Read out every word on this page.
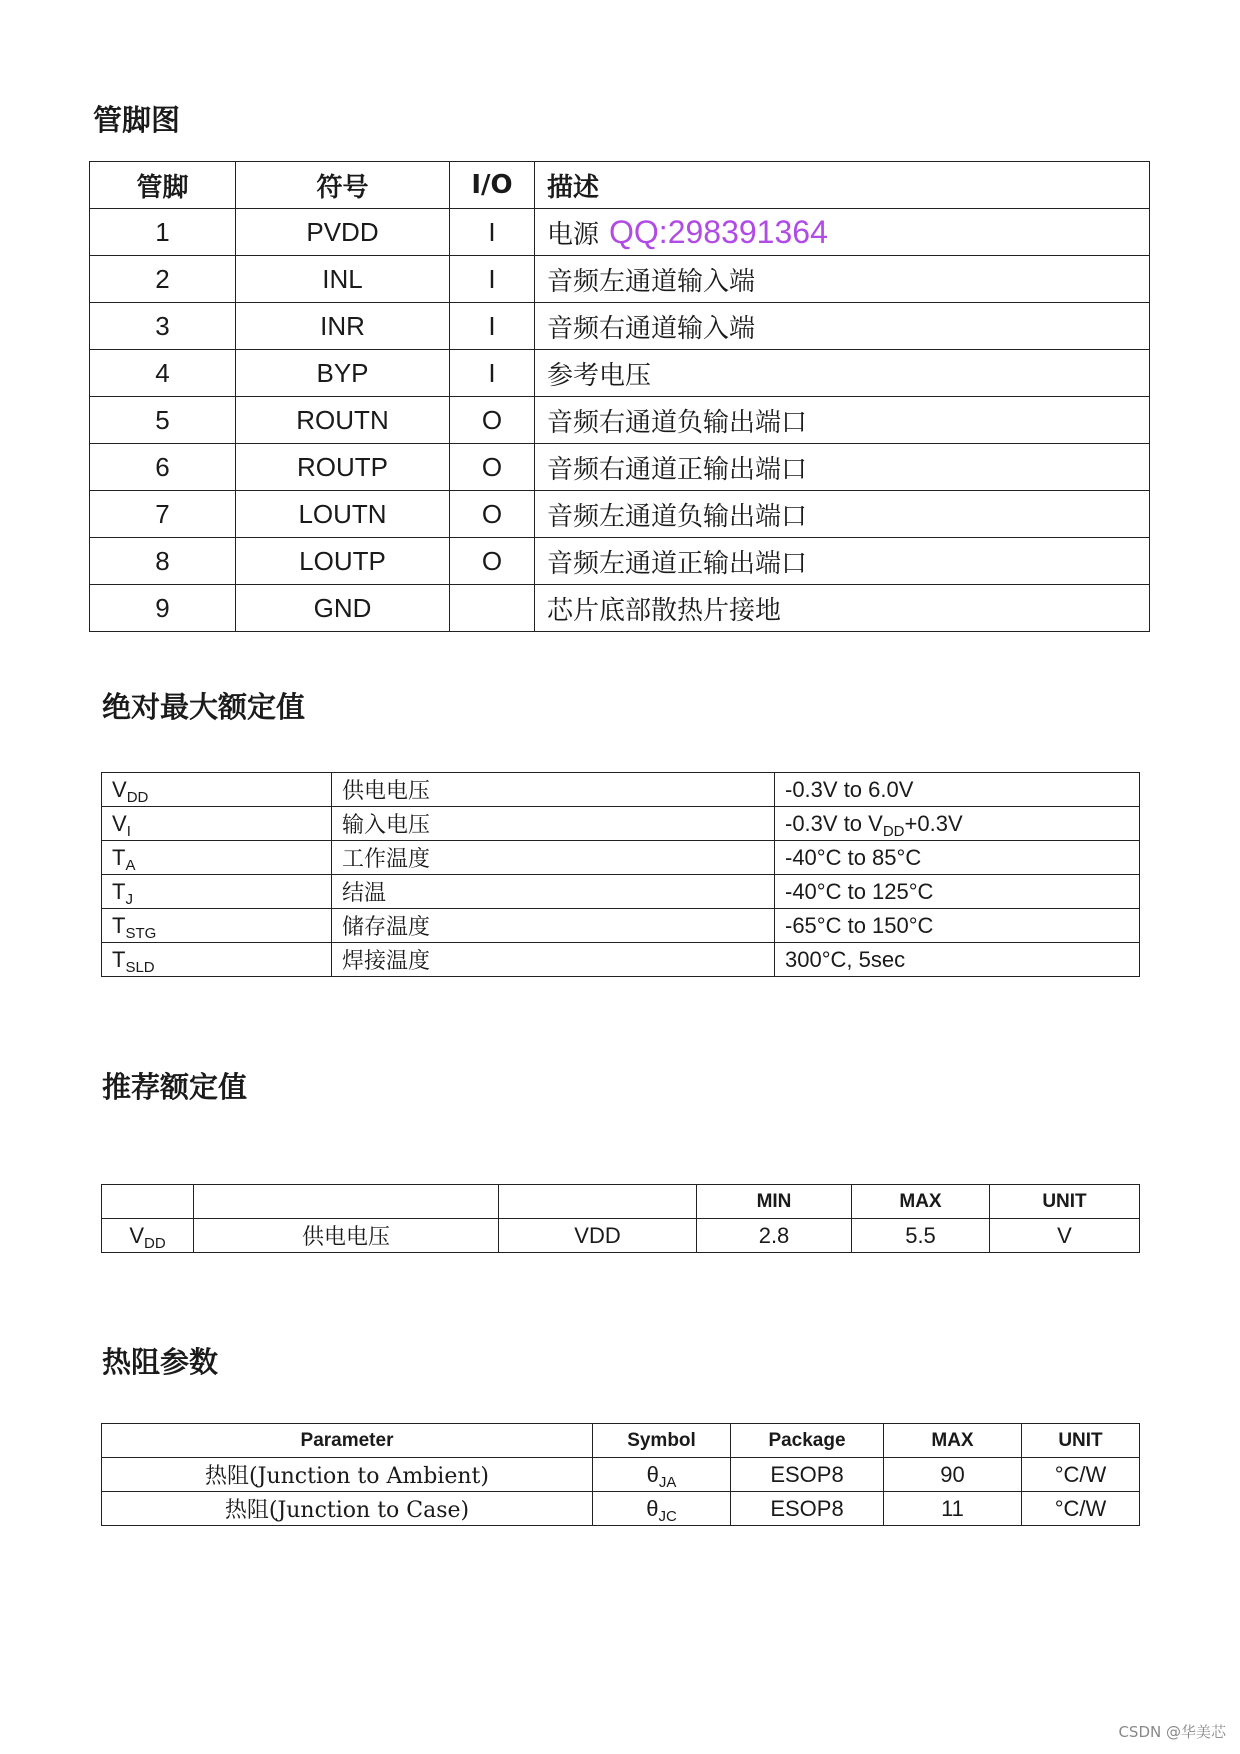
管脚图
管脚	符号	I/O	描述
1	PVDD	I	电源 QQ:298391364
2	INL	I	音频左通道输入端
3	INR	I	音频右通道输入端
4	BYP	I	参考电压
5	ROUTN	O	音频右通道负输出端口
6	ROUTP	O	音频右通道正输出端口
7	LOUTN	O	音频左通道负输出端口
8	LOUTP	O	音频左通道正输出端口
9	GND		芯片底部散热片接地
绝对最大额定值
$V_{DD}$	供电电压	-0.3V to 6.0V
$V_I$	输入电压	-0.3V to $V_{DD}+0.3V$
$T_A$	工作温度	-40°C to 85°C
$T_J$	结温	-40°C to 125°C
$T_{STG}$	储存温度	-65°C to 150°C
$T_{SLD}$	焊接温度	300°C, 5sec
推荐额定值
			MIN	MAX	UNIT
$V_{DD}$	供电电压	VDD	2.8	5.5	V
热阻参数
Parameter	Symbol	Package	MAX	UNIT
热阻(Junction to Ambient)	$\theta_{JA}$	ESOP8	90	°C/W
热阻(Junction to Case)	$\theta_{JC}$	ESOP8	11	°C/W
CSDN @华美芯
